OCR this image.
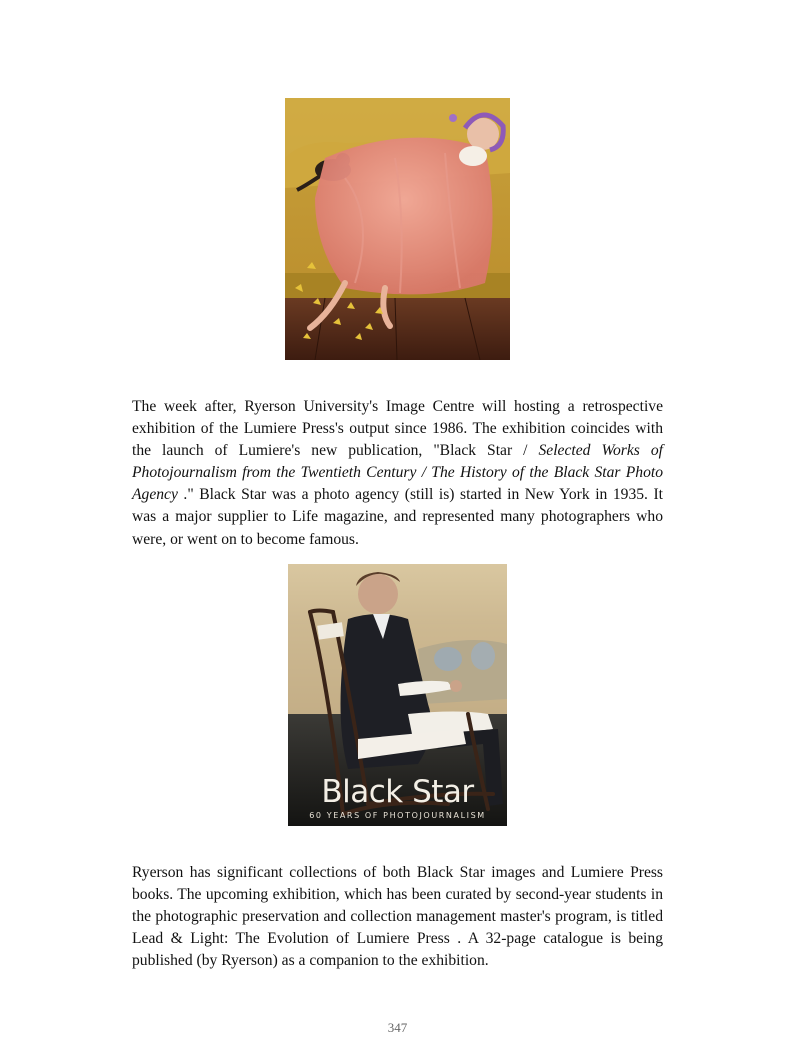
The week after, Ryerson University's Image Centre will hosting a retrospective exhibition of the Lumiere Press's output since 1986. The exhibition coincides with the launch of Lumiere's new publication, "Black Star / Selected Works of Photojournalism from the Twentieth Century / The History of the Black Star Photo Agency ." Black Star was a photo agency (still is) started in New York in 1935. It was a major supplier to Life magazine, and represented many photographers who were, or went on to become famous.

Black Star
60 YEARS OF PHOTOJOURNALISM

Ryerson has significant collections of both Black Star images and Lumiere Press books. The upcoming exhibition, which has been curated by second-year students in the photographic preservation and collection management master's program, is titled Lead & Light: The Evolution of Lumiere Press . A 32-page catalogue is being published (by Ryerson) as a companion to the exhibition.

347
